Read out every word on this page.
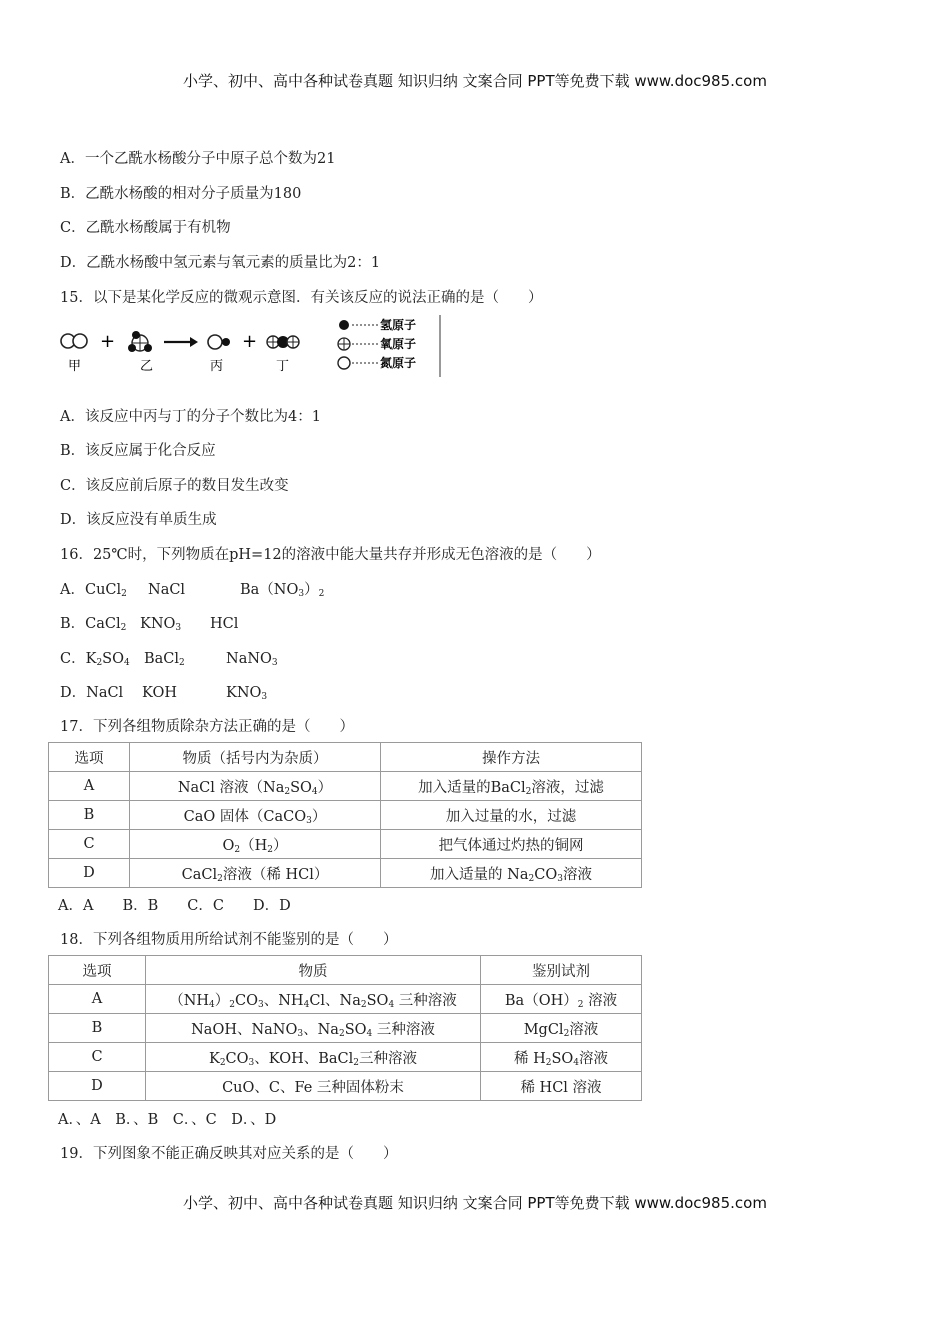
小学、初中、高中各种试卷真题 知识归纳 文案合同 PPT等免费下载 www.doc985.com
A．一个乙酰水杨酸分子中原子总个数为21
B．乙酰水杨酸的相对分子质量为180
C．乙酰水杨酸属于有机物
D．乙酰水杨酸中氢元素与氧元素的质量比为2：1
15．以下是某化学反应的微观示意图．有关该反应的说法正确的是（　　）
+	+
甲	乙	丙	丁
氢原子
氧原子
氮原子
A．该反应中丙与丁的分子个数比为4：1
B．该反应属于化合反应
C．该反应前后原子的数目发生改变
D．该反应没有单质生成
16．25℃时，下列物质在pH=12的溶液中能大量共存并形成无色溶液的是（　　）
A．CuCl$_2$ NaCl	$Ba(NO_3)_2$
B．CaCl$_2$ $KNO_3$ HCl
C．$K_2SO_4$ BaCl$_2$	NaNO$_3$
D．NaCl KOH	$KNO_3$
17．下列各组物质除杂方法正确的是（　　）
选项	物质（括号内为杂质）	操作方法
A	NaCl 溶液$(Na_2SO_4)$	加入适量的BaCl$_2$溶液，过滤
B	CaO 固体（CaCO$_3$）	加入过量的水，过滤
C	$O_2(H_2)$	把气体通过灼热的铜网
D	CaCl$_2$溶液（稀 HCl）	加入适量的 $Na_2CO_3$溶液
A．A　　B．B　　C．C　　D．D
18．下列各组物质用所给试剂不能鉴别的是（　　）
选项	物质	鉴别试剂
A	$(NH_4)_2CO_3$、$NH_4Cl$、$Na_2SO_4$ 三种溶液	$Ba(OH)_2$ 溶液
B	NaOH、NaNO$_3$、$Na_2SO_4$ 三种溶液	MgCl$_2$溶液
C	$K_2CO_3$、KOH、BaCl$_2$三种溶液	稀 $H_2SO_4$溶液
D	CuO、C、Fe 三种固体粉末	稀 HCl 溶液
A．、A　B．、B　C．、C　D．、D
19．下列图象不能正确反映其对应关系的是（　　）
小学、初中、高中各种试卷真题 知识归纳 文案合同 PPT等免费下载 www.doc985.com
